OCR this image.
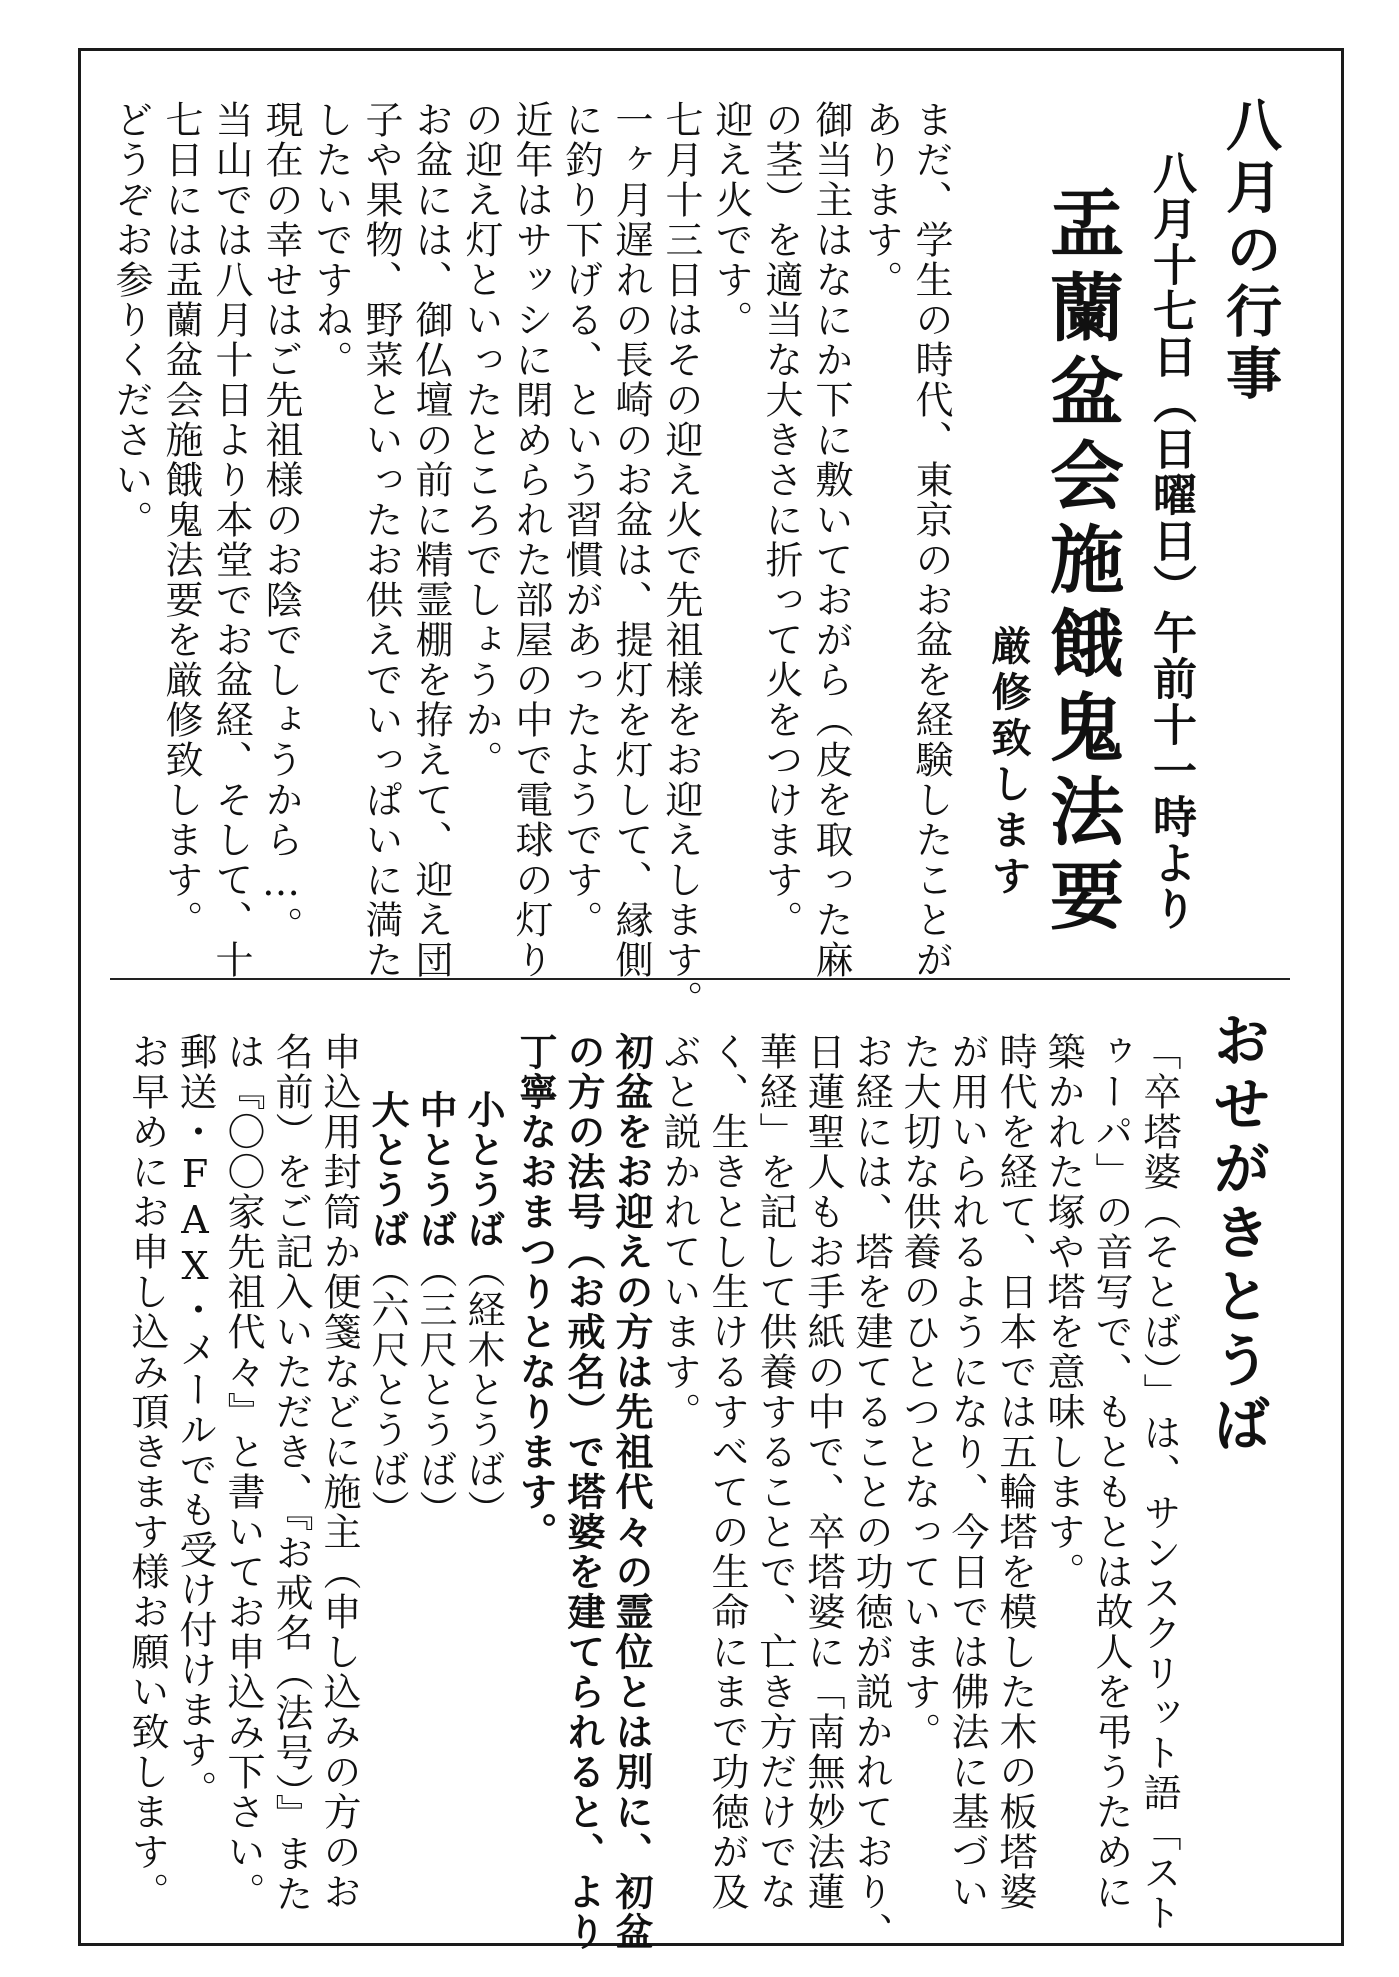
八月の行事
八月十七日（日曜日）午前十一時より
盂蘭盆会施餓鬼法要
厳修致します
まだ、学生の時代、東京のお盆を経験したことが
あります。
御当主はなにか下に敷いておがら（皮を取った麻
の茎）を適当な大きさに折って火をつけます。
迎え火です。
七月十三日はその迎え火で先祖様をお迎えします。
一ヶ月遅れの長崎のお盆は、提灯を灯して、縁側
に釣り下げる、という習慣があったようです。
近年はサッシに閉められた部屋の中で電球の灯り
の迎え灯といったところでしょうか。
お盆には、御仏壇の前に精霊棚を拵えて、迎え団
子や果物、野菜といったお供えでいっぱいに満た
したいですね。
現在の幸せはご先祖様のお陰でしょうから…。
当山では八月十日より本堂でお盆経、そして、十
七日には盂蘭盆会施餓鬼法要を厳修致します。
どうぞお参りください。
おせがきとうば
「卒塔婆（そとば）」は、サンスクリット語「スト
ゥーパ」の音写で、もともとは故人を弔うために
築かれた塚や塔を意味します。
時代を経て、日本では五輪塔を模した木の板塔婆
が用いられるようになり、今日では佛法に基づい
た大切な供養のひとつとなっています。
お経には、塔を建てることの功徳が説かれており、
日蓮聖人もお手紙の中で、卒塔婆に「南無妙法蓮
華経」を記して供養することで、亡き方だけでな
く、生きとし生けるすべての生命にまで功徳が及
ぶと説かれています。
初盆をお迎えの方は先祖代々の霊位とは別に、初盆
の方の法号（お戒名）で塔婆を建てられると、より
丁寧なおまつりとなります。
小とうば（経木とうば）
中とうば（三尺とうば）
大とうば（六尺とうば）
申込用封筒か便箋などに施主（申し込みの方のお
名前）をご記入いただき、『お戒名（法号）』また
は『〇〇家先祖代々』と書いてお申込み下さい。
郵送・FAX・メールでも受け付けます。
お早めにお申し込み頂きます様お願い致します。
